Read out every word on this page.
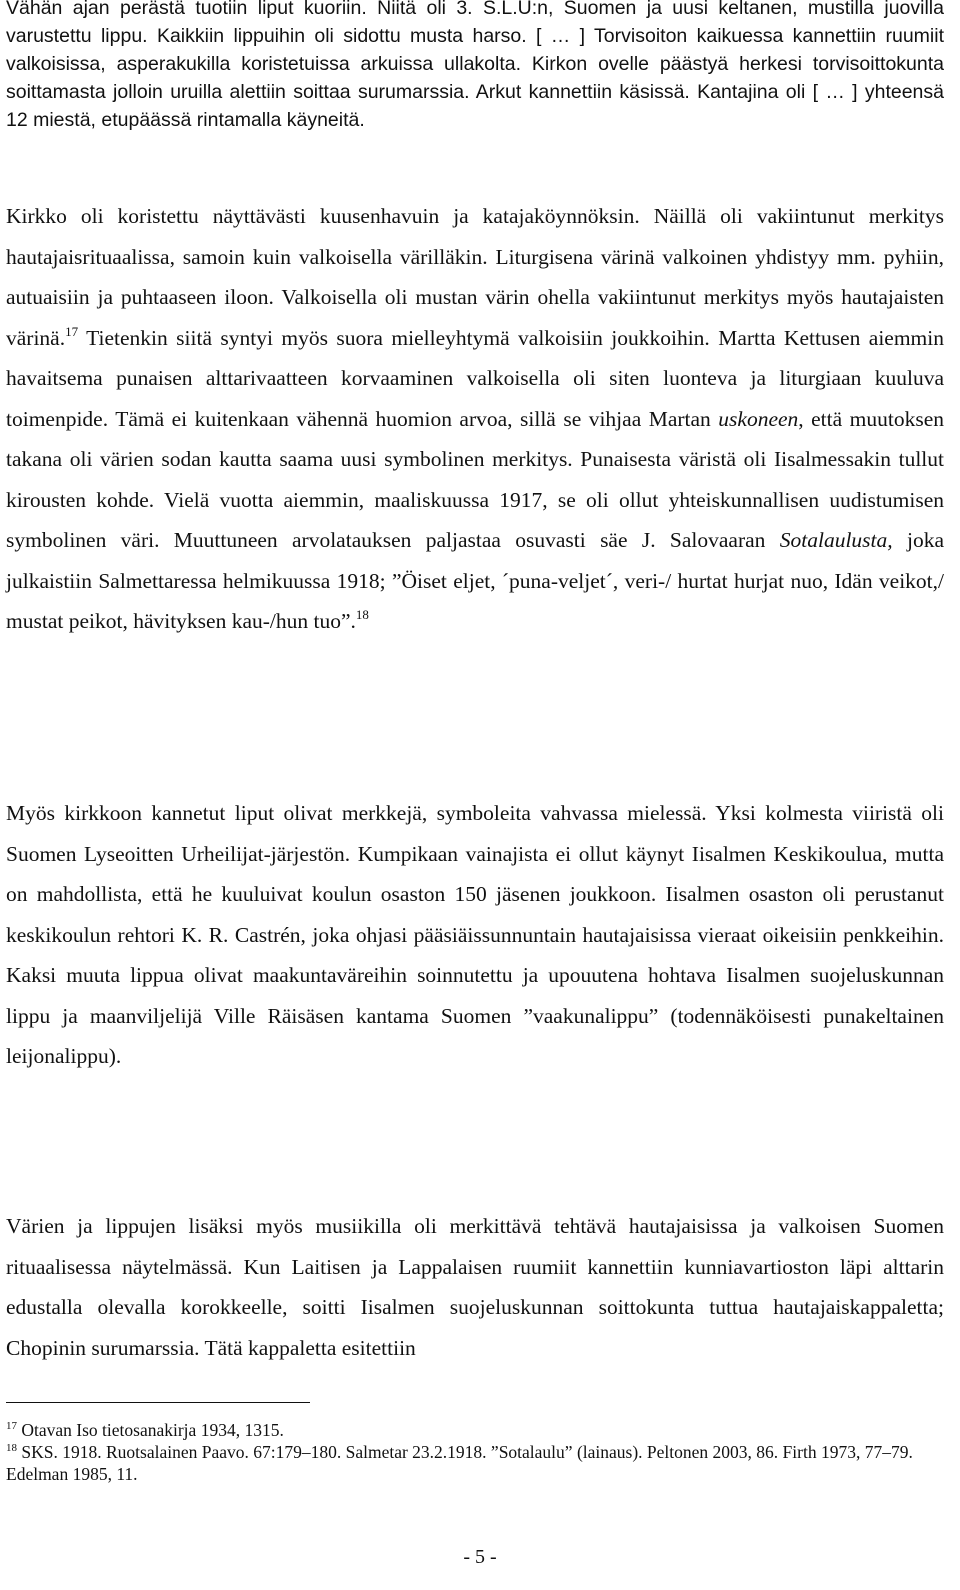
Vähän ajan perästä tuotiin liput kuoriin. Niitä oli 3. S.L.U:n, Suomen ja uusi keltanen, mustilla juovilla varustettu lippu. Kaikkiin lippuihin oli sidottu musta harso. [ … ] Torvisoiton kaikuessa kannettiin ruumiit valkoisissa, asperakukilla koristetuissa arkuissa ullakolta. Kirkon ovelle päästyä herkesi torvisoittokunta soittamasta jolloin uruilla alettiin soittaa surumarssia. Arkut kannettiin käsissä. Kantajina oli [ … ] yhteensä 12 miestä, etupäässä rintamalla käyneitä.
Kirkko oli koristettu näyttävästi kuusenhavuin ja katajaköynnöksin. Näillä oli vakiintunut merkitys hautajaisrituaalissa, samoin kuin valkoisella värilläkin. Liturgisena värinä valkoinen yhdistyy mm. pyhiin, autuaisiin ja puhtaaseen iloon. Valkoisella oli mustan värin ohella vakiintunut merkitys myös hautajaisten värinä.$^{17}$ Tietenkin siitä syntyi myös suora mielleyhtymä valkoisiin joukkoihin. Martta Kettusen aiemmin havaitsema punaisen alttarivaatteen korvaaminen valkoisella oli siten luonteva ja liturgiaan kuuluva toimenpide. Tämä ei kuitenkaan vähennä huomion arvoa, sillä se vihjaa Martan uskoneen, että muutoksen takana oli värien sodan kautta saama uusi symbolinen merkitys. Punaisesta väristä oli Iisalmessakin tullut kirousten kohde. Vielä vuotta aiemmin, maaliskuussa 1917, se oli ollut yhteiskunnallisen uudistumisen symbolinen väri. Muuttuneen arvolatauksen paljastaa osuvasti säe J. Salovaaran Sotalaulusta, joka julkaistiin Salmettaressa helmikuussa 1918; ”Öiset eljet, ´puna-veljet´, veri-/ hurtat hurjat nuo, Idän veikot,/ mustat peikot, hävityksen kau-/hun tuo”.$^{18}$
Myös kirkkoon kannetut liput olivat merkkejä, symboleita vahvassa mielessä. Yksi kolmesta viiristä oli Suomen Lyseoitten Urheilijat-järjestön. Kumpikaan vainajista ei ollut käynyt Iisalmen Keskikoulua, mutta on mahdollista, että he kuuluivat koulun osaston 150 jäsenen joukkoon. Iisalmen osaston oli perustanut keskikoulun rehtori K. R. Castrén, joka ohjasi pääsiäissunnuntain hautajaisissa vieraat oikeisiin penkkeihin. Kaksi muuta lippua olivat maakuntaväreihin soinnutettu ja upouutena hohtava Iisalmen suojeluskunnan lippu ja maanviljelijä Ville Räisäsen kantama Suomen ”vaakunalippu” (todennäköisesti punakeltainen leijonalippu).
Värien ja lippujen lisäksi myös musiikilla oli merkittävä tehtävä hautajaisissa ja valkoisen Suomen rituaalisessa näytelmässä. Kun Laitisen ja Lappalaisen ruumiit kannettiin kunniavartioston läpi alttarin edustalla olevalla korokkeelle, soitti Iisalmen suojeluskunnan soittokunta tuttua hautajaiskappaletta; Chopinin surumarssia. Tätä kappaletta esitettiin
$^{17}$ Otavan Iso tietosanakirja 1934, 1315.
$^{18}$ SKS. 1918. Ruotsalainen Paavo. 67:179–180. Salmetar 23.2.1918. ”Sotalaulu” (lainaus). Peltonen 2003, 86. Firth 1973, 77–79. Edelman 1985, 11.
- 5 -
